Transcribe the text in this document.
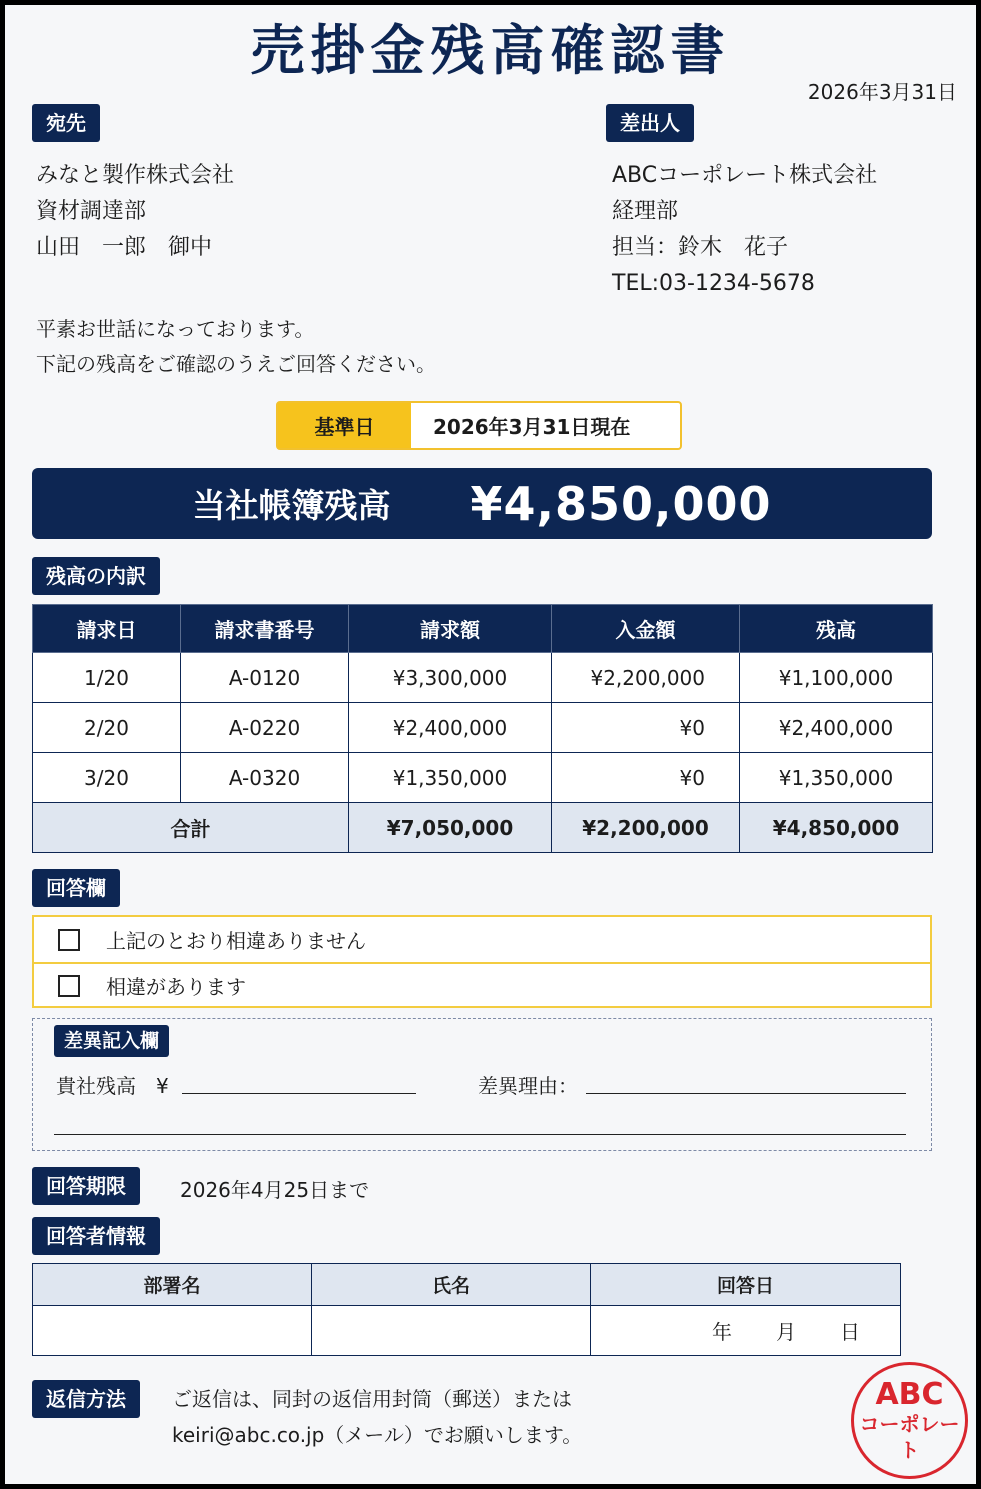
売掛金残高確認書
2026年3月31日
宛先
みなと製作株式会社
資材調達部
山田　一郎　御中
差出人
ABCコーポレート株式会社
経理部
担当：鈴木　花子
TEL:03-1234-5678
平素お世話になっております。
下記の残高をご確認のうえご回答ください。
基準日	2026年3月31日現在
当社帳簿残高 ¥4,850,000
残高の内訳
請求日	請求書番号	請求額	入金額	残高
1/20	A-0120	¥3,300,000	¥2,200,000	¥1,100,000
2/20	A-0220	¥2,400,000	¥0	¥2,400,000
3/20	A-0320	¥1,350,000	¥0	¥1,350,000
合計		¥7,050,000	¥2,200,000	¥4,850,000
回答欄
上記のとおり相違ありません
相違があります
差異記入欄
貴社残高　¥	差異理由：
回答期限	2026年4月25日まで
回答者情報
部署名	氏名	回答日

		年 月 日
返信方法	ご返信は、同封の返信用封筒（郵送）または
keiri@abc.co.jp（メール）でお願いします。
ABC
コーポレート
